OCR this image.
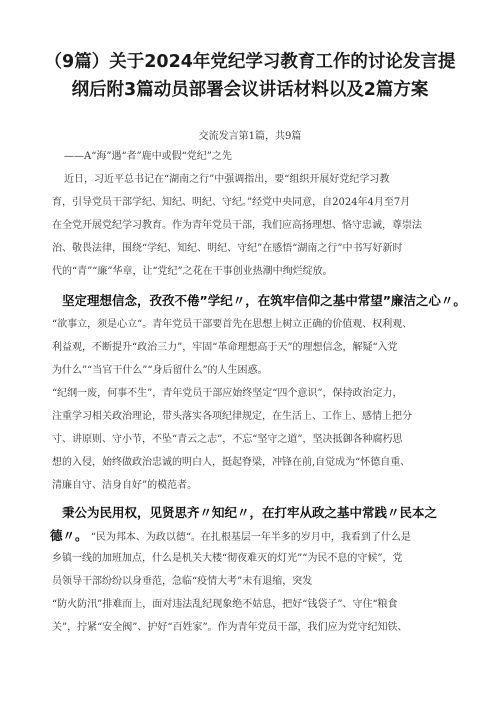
（9篇）关于2024年党纪学习教育工作的讨论发言提
纲后附3篇动员部署会议讲话材料以及2篇方案
交流发言第1篇，共9篇
——A“海”遇“者”鹿中或假“党纪”之先
近日，习近平总书记在“湖南之行”中强调指出，要“组织开展好党纪学习教
育，引导党员干部学纪、知纪、明纪、守纪。”经党中央同意，自2024年4月至7月
在全党开展党纪学习教育。作为青年党员干部，我们应高扬理想、恪守忠诚，尊崇法
治、敬畏法律，围绕“学纪、知纪、明纪、守纪”在感悟“湖南之行”中书写好新时
代的“青”“廉”华章，让“党纪”之花在干事创业热潮中绚烂绽放。
坚定理想信念，孜孜不倦”学纪〃，在筑牢信仰之基中常望”廉洁之心〃。
“欲事立，须是心立“。青年党员干部要首先在思想上树立正确的价值观、权利观、
利益观，不断提升“政治三力”，牢固“革命理想高于天”的理想信念，解疑“入党
为什么”“当官干什么”“身后留什么”的人生困惑。
“纪纲一废，何事不生”，青年党员干部应始终坚定“四个意识”，保持政治定力，
注重学习相关政治理论，带头落实各项纪律规定，在生活上、工作上、感情上把分
寸、讲原则、守小节，不坠“青云之志”，不忘“坚守之道”，坚决抵御各种腐朽思
想的入侵，始终做政治忠诚的明白人，挺起脊梁，冲锋在前,自觉成为“怀德自重、
清廉自守、洁身自好”的模范者。
秉公为民用权，见贤思齐〃知纪〃，在打牢从政之基中常践〃民本之
德〃。 “民为邦本、为政以德“。在扎根基层一年半多的岁月中，我看到了什么是
乡镇一线的加班加点，什么是机关大楼“彻夜难灭的灯光”“为民不息的守候”，党
员领导干部纷纷以身垂范，急临“疫情大考”未有退缩，突发
“防火防汛”排难而上，面对违法乱纪现象绝不姑息，把好“钱袋子”、守住“粮食
关”，拧紧“安全阀”、护好“百姓家”。作为青年党员干部，我们应为党守纪知铁、
